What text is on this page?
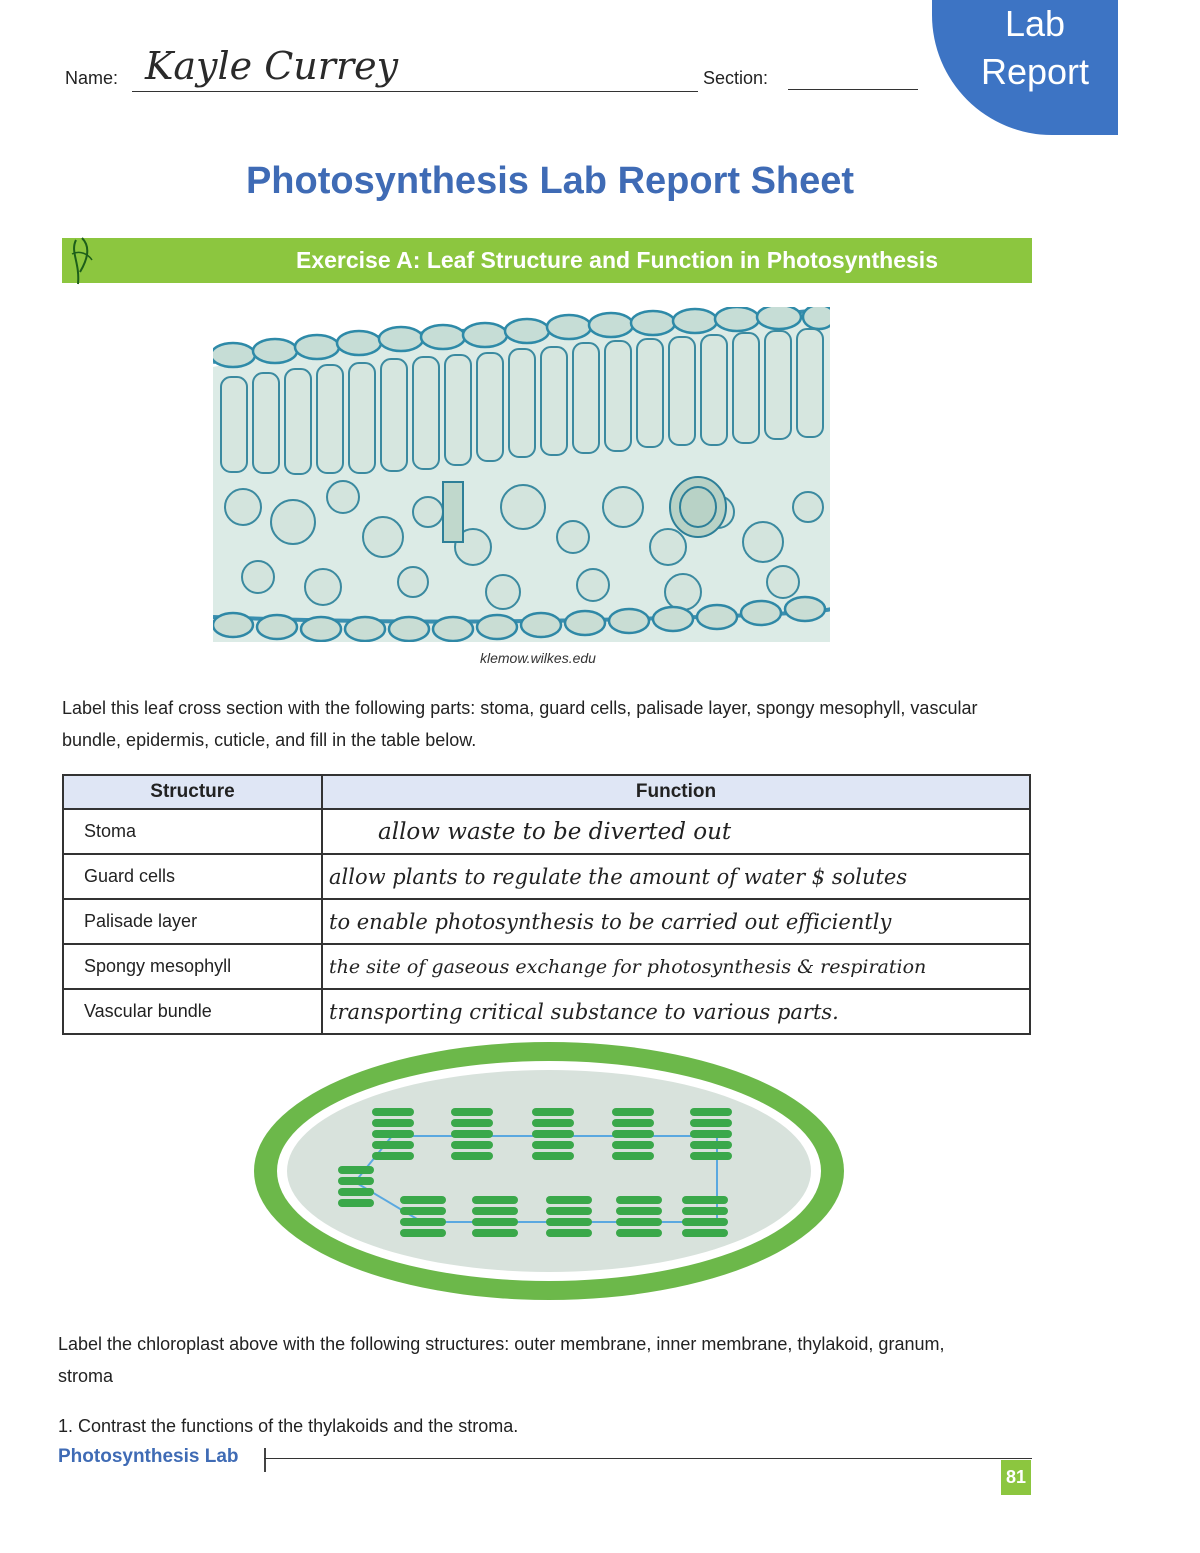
Lab
Report
Name: Kayle Currey	Section:
Photosynthesis Lab Report Sheet
Exercise A: Leaf Structure and Function in Photosynthesis
klemow.wilkes.edu
Label this leaf cross section with the following parts: stoma, guard cells, palisade layer, spongy mesophyll, vascular bundle, epidermis, cuticle, and fill in the table below.
Structure	Function
Stoma	allow waste to be diverted out
Guard cells	allow plants to regulate the amount of water $ solutes
Palisade layer	to enable photosynthesis to be carried out efficiently
Spongy mesophyll	the site of gaseous exchange for photosynthesis & respiration
Vascular bundle	transporting critical substance to various parts.
Label the chloroplast above with the following structures: outer membrane, inner membrane, thylakoid, granum, stroma
1. Contrast the functions of the thylakoids and the stroma.
Photosynthesis Lab
81
